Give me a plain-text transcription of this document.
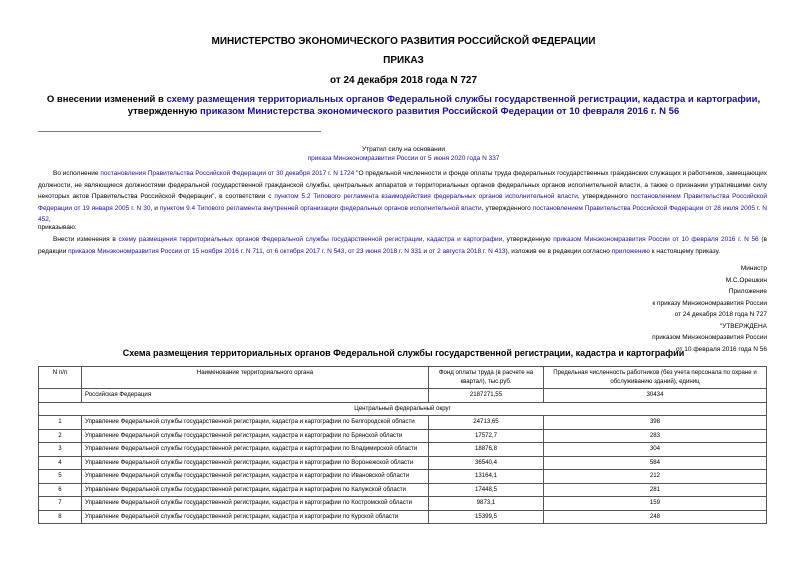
МИНИСТЕРСТВО ЭКОНОМИЧЕСКОГО РАЗВИТИЯ РОССИЙСКОЙ ФЕДЕРАЦИИ
ПРИКАЗ
от 24 декабря 2018 года N 727
О внесении изменений в схему размещения территориальных органов Федеральной службы государственной регистрации, кадастра и картографии, утвержденную приказом Министерства экономического развития Российской Федерации от 10 февраля 2016 г. N 56
Утратил силу на основании
приказа Минэкономразвития России от 5 июня 2020 года N 337
Во исполнение постановления Правительства Российской Федерации от 30 декабря 2017 г. N 1724 "О предельной численности и фонде оплаты труда федеральных государственных гражданских служащих и работников, замещающих должности, не являющиеся должностями федеральной государственной гражданской службы, центральных аппаратов и территориальных органов федеральных органов исполнительной власти, а также о признании утратившими силу некоторых актов Правительства Российской Федерации", в соответствии с пунктом 5.2 Типового регламента взаимодействия федеральных органов исполнительной власти, утвержденного постановлением Правительства Российской Федерации от 19 января 2005 г. N 30, и пунктом 9.4 Типового регламента внутренней организации федеральных органов исполнительной власти, утвержденного постановлением Правительства Российской Федерации от 28 июля 2005 г. N 452,
приказываю:
Внести изменения в схему размещения территориальных органов Федеральной службы государственной регистрации, кадастра и картографии, утвержденную приказом Минэкономразвития России от 10 февраля 2016 г. N 56 (в редакции приказов Минэкономразвития России от 15 ноября 2016 г. N 711, от 6 октября 2017 г. N 543, от 23 июня 2018 г. N 331 и от 2 августа 2018 г. N 413), изложив ее в редакции согласно приложению к настоящему приказу.
Министр
М.С.Орешкин
Приложение
к приказу Минэкономразвития России
от 24 декабря 2018 года N 727
"УТВЕРЖДЕНА
приказом Минэкономразвития России
от 10 февраля 2016 года N 56
Схема размещения территориальных органов Федеральной службы государственной регистрации, кадастра и картографии
N п/п	Наименование территориального органа	Фонд оплаты труда (в расчете на квартал), тыс.руб.	Предельная численность работников (без учета персонала по охране и обслуживанию зданий), единиц
	Российская Федерация	2187271,55	30434
Центральный федеральный округ			
1	Управление Федеральной службы государственной регистрации, кадастра и картографии по Белгородской области	24713,65	398
2	Управление Федеральной службы государственной регистрации, кадастра и картографии по Брянской области	17572,7	283
3	Управление Федеральной службы государственной регистрации, кадастра и картографии по Владимирской области	18876,8	304
4	Управление Федеральной службы государственной регистрации, кадастра и картографии по Воронежской области	36540,4	584
5	Управление Федеральной службы государственной регистрации, кадастра и картографии по Ивановской области	13164,1	212
6	Управление Федеральной службы государственной регистрации, кадастра и картографии по Калужской области	17448,5	281
7	Управление Федеральной службы государственной регистрации, кадастра и картографии по Костромской области	9873,1	159
8	Управление Федеральной службы государственной регистрации, кадастра и картографии по Курской области	15399,5	248
